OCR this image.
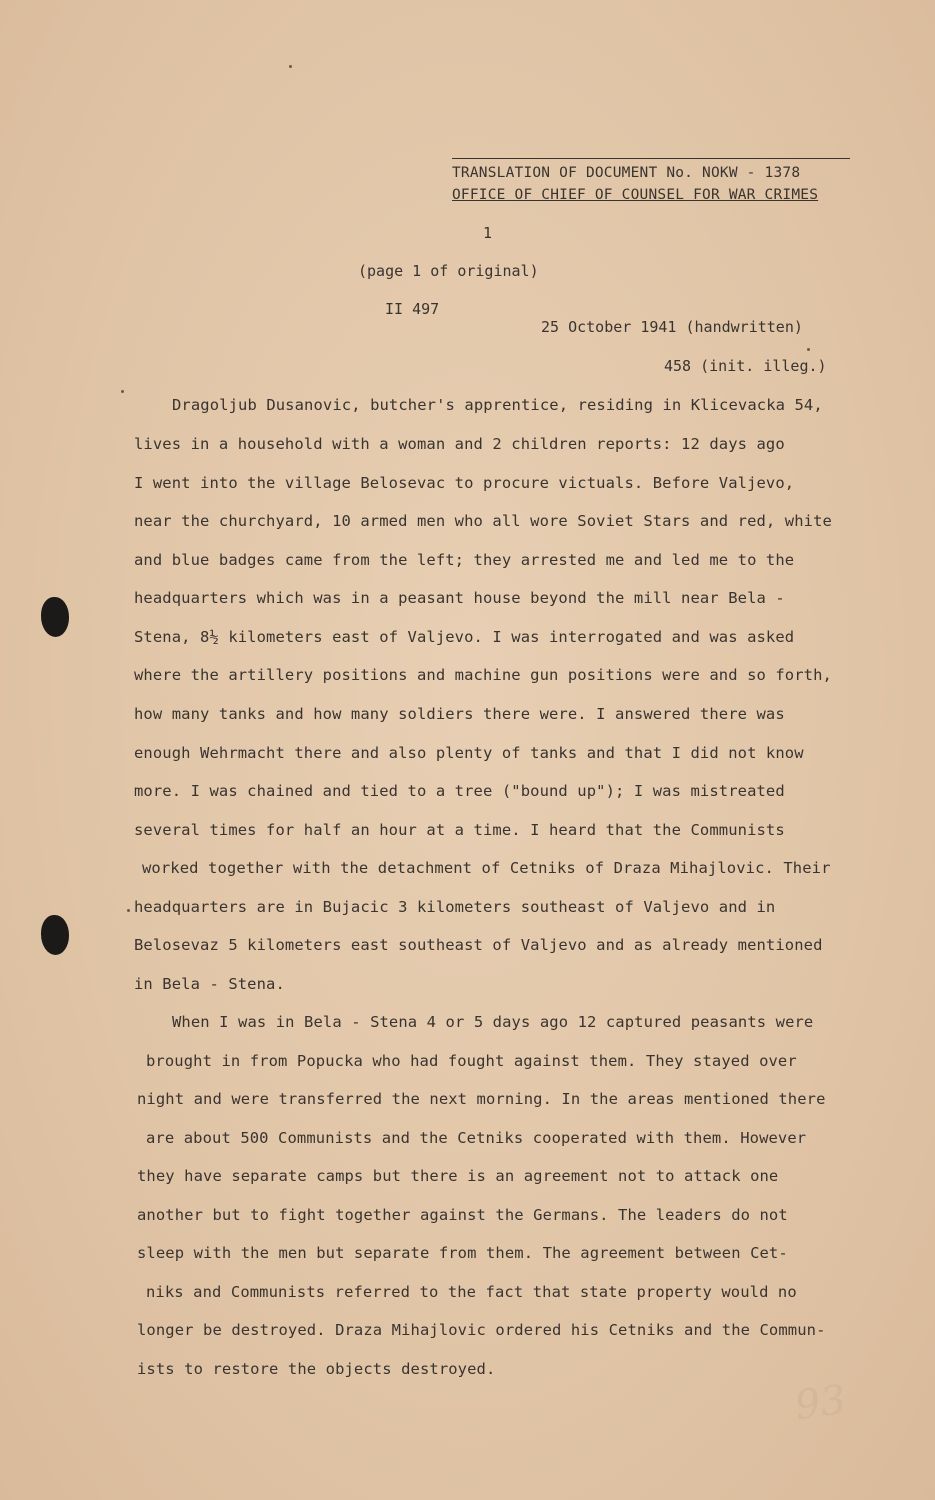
TRANSLATION OF DOCUMENT No. NOKW - 1378
OFFICE OF CHIEF OF COUNSEL FOR WAR CRIMES
1
(page 1 of original)
II 497
25 October 1941 (handwritten)
458 (init. illeg.)
Dragoljub Dusanovic, butcher's apprentice, residing in Klicevacka 54,
lives in a household with a woman and 2 children reports: 12 days ago
I went into the village Belosevac to procure victuals. Before Valjevo,
near the churchyard, 10 armed men who all wore Soviet Stars and red, white
and blue badges came from the left; they arrested me and led me to the
headquarters which was in a peasant house beyond the mill near Bela -
Stena, 8½ kilometers east of Valjevo. I was interrogated and was asked
where the artillery positions and machine gun positions were and so forth,
how many tanks and how many soldiers there were. I answered there was
enough Wehrmacht there and also plenty of tanks and that I did not know
more. I was chained and tied to a tree ("bound up"); I was mistreated
several times for half an hour at a time. I heard that the Communists
worked together with the detachment of Cetniks of Draza Mihajlovic. Their
headquarters are in Bujacic 3 kilometers southeast of Valjevo and in
Belosevaz 5 kilometers east southeast of Valjevo and as already mentioned
in Bela - Stena.
When I was in Bela - Stena 4 or 5 days ago 12 captured peasants were
brought in from Popucka who had fought against them. They stayed over
night and were transferred the next morning. In the areas mentioned there
are about 500 Communists and the Cetniks cooperated with them. However
they have separate camps but there is an agreement not to attack one
another but to fight together against the Germans. The leaders do not
sleep with the men but separate from them. The agreement between Cet-
niks and Communists referred to the fact that state property would no
longer be destroyed. Draza Mihajlovic ordered his Cetniks and the Commun-
ists to restore the objects destroyed.
93
